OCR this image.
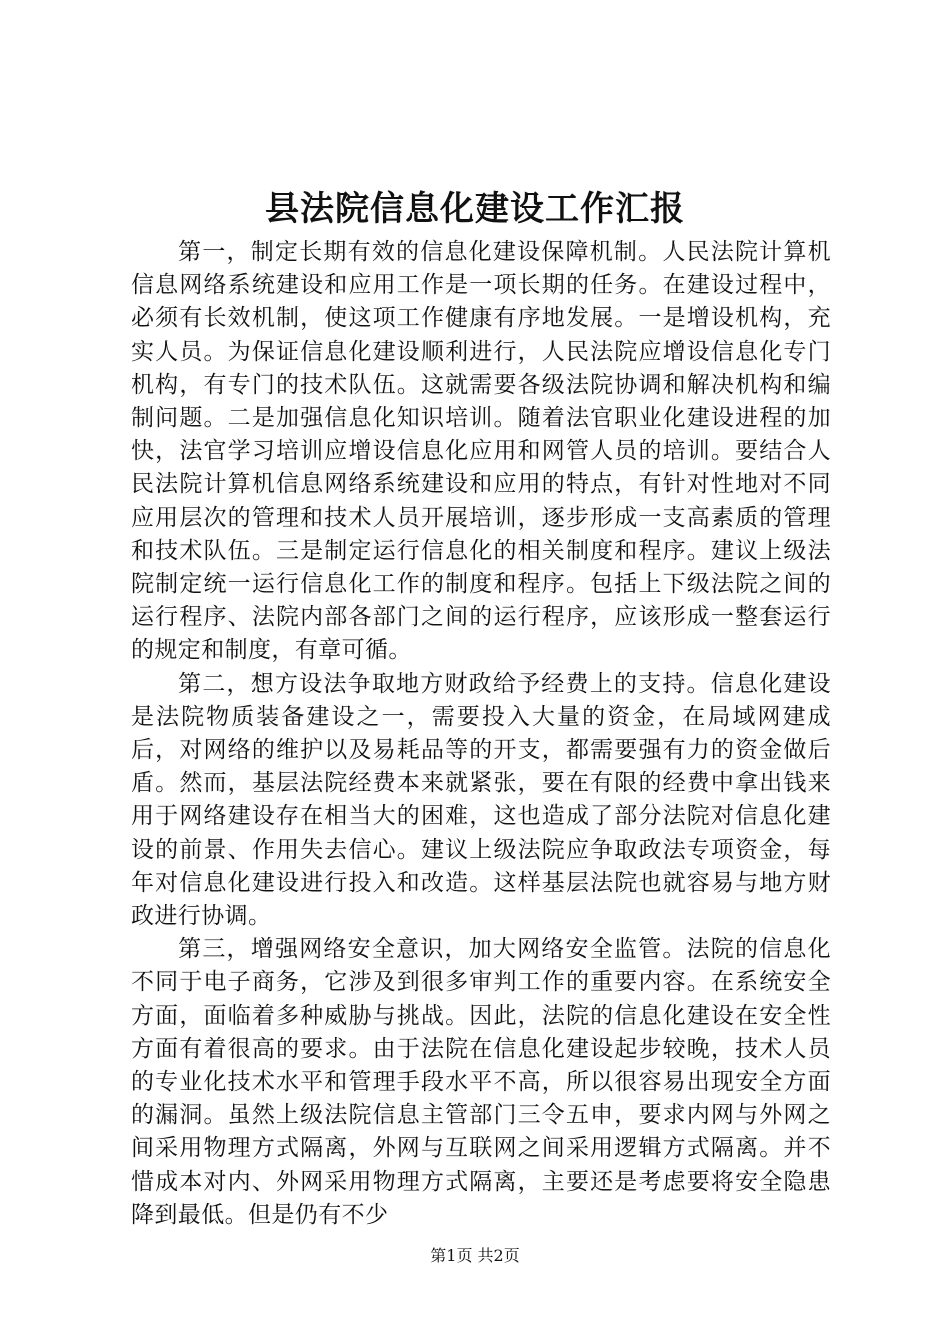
县法院信息化建设工作汇报

第一，制定长期有效的信息化建设保障机制。人民法院计算机信息网络系统建设和应用工作是一项长期的任务。在建设过程中，必须有长效机制，使这项工作健康有序地发展。一是增设机构，充实人员。为保证信息化建设顺利进行，人民法院应增设信息化专门机构，有专门的技术队伍。这就需要各级法院协调和解决机构和编制问题。二是加强信息化知识培训。随着法官职业化建设进程的加快，法官学习培训应增设信息化应用和网管人员的培训。要结合人民法院计算机信息网络系统建设和应用的特点，有针对性地对不同应用层次的管理和技术人员开展培训，逐步形成一支高素质的管理和技术队伍。三是制定运行信息化的相关制度和程序。建议上级法院制定统一运行信息化工作的制度和程序。包括上下级法院之间的运行程序、法院内部各部门之间的运行程序，应该形成一整套运行的规定和制度，有章可循。

第二，想方设法争取地方财政给予经费上的支持。信息化建设是法院物质装备建设之一，需要投入大量的资金，在局域网建成后，对网络的维护以及易耗品等的开支，都需要强有力的资金做后盾。然而，基层法院经费本来就紧张，要在有限的经费中拿出钱来用于网络建设存在相当大的困难，这也造成了部分法院对信息化建设的前景、作用失去信心。建议上级法院应争取政法专项资金，每年对信息化建设进行投入和改造。这样基层法院也就容易与地方财政进行协调。

第三，增强网络安全意识，加大网络安全监管。法院的信息化不同于电子商务，它涉及到很多审判工作的重要内容。在系统安全方面，面临着多种威胁与挑战。因此，法院的信息化建设在安全性方面有着很高的要求。由于法院在信息化建设起步较晚，技术人员的专业化技术水平和管理手段水平不高，所以很容易出现安全方面的漏洞。虽然上级法院信息主管部门三令五申，要求内网与外网之间采用物理方式隔离，外网与互联网之间采用逻辑方式隔离。并不惜成本对内、外网采用物理方式隔离，主要还是考虑要将安全隐患降到最低。但是仍有不少

第1页 共2页
